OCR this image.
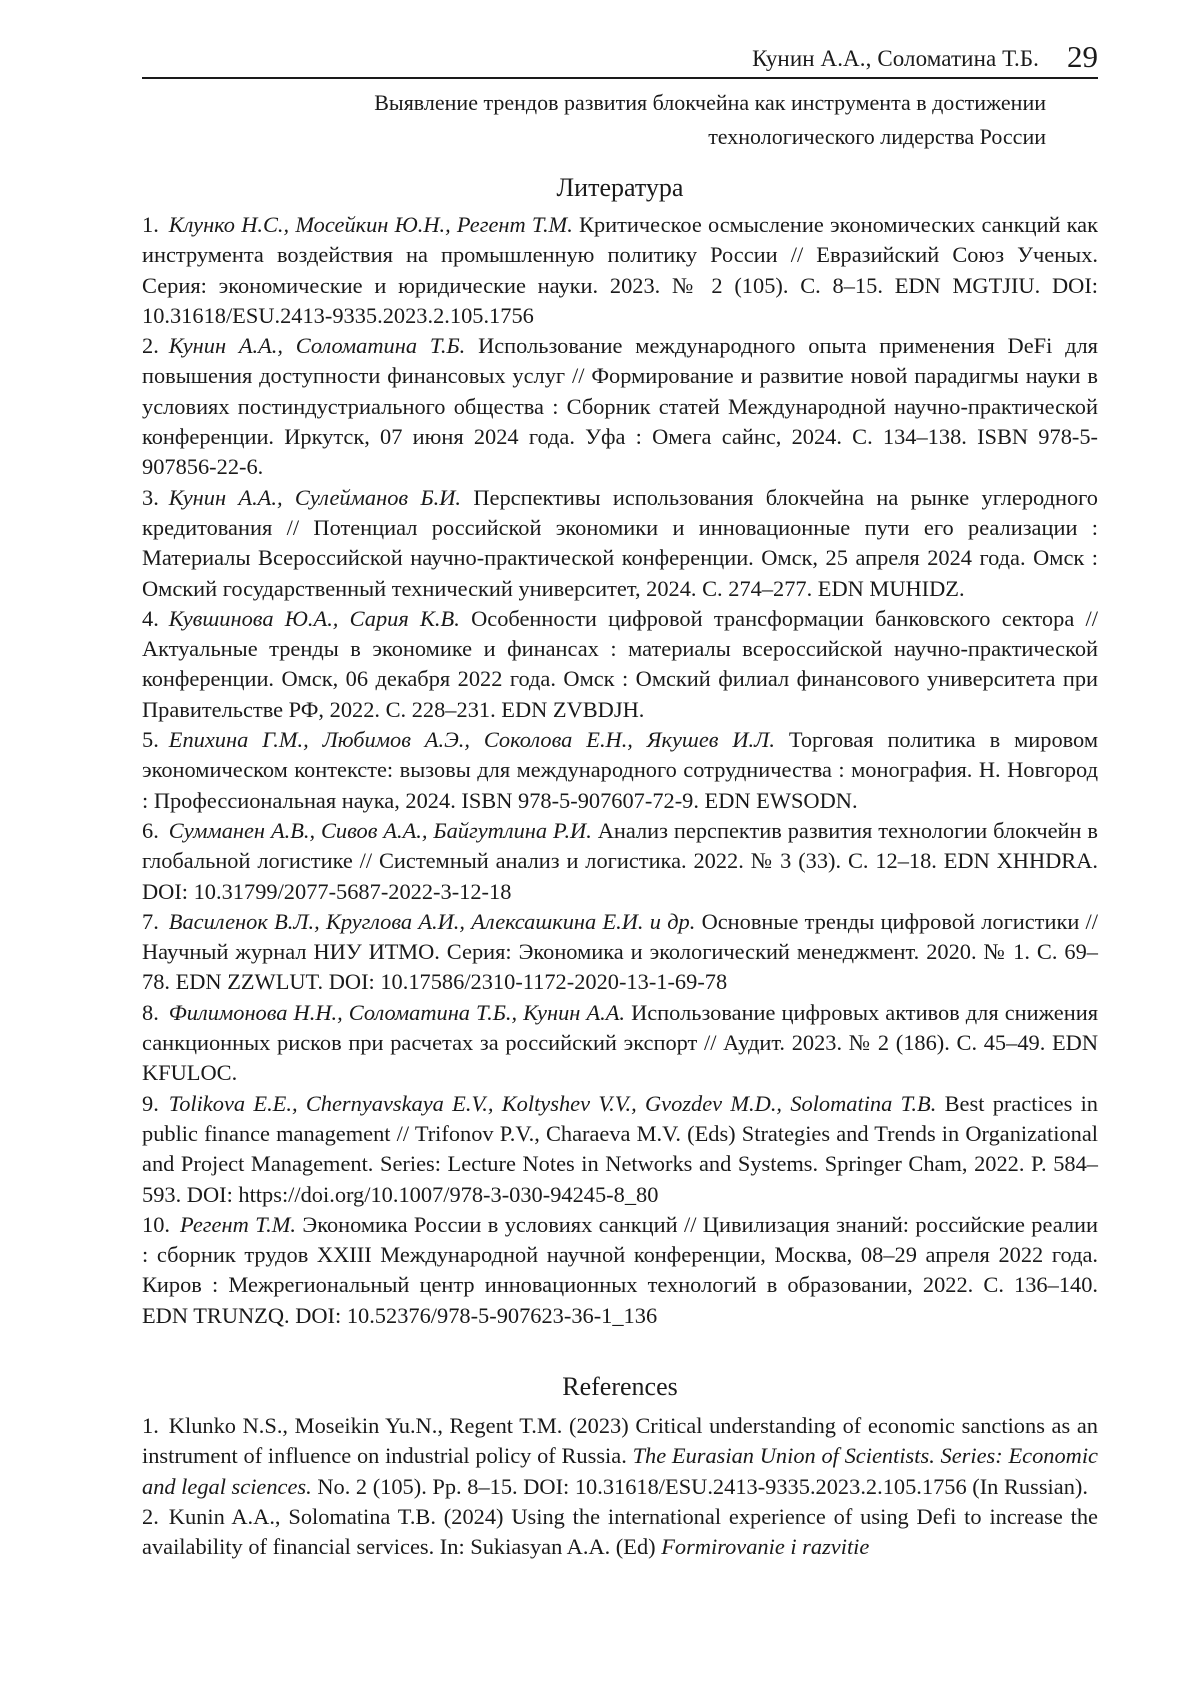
Кунин А.А., Соломатина Т.Б. 29
Выявление трендов развития блокчейна как инструмента в достижении технологического лидерства России
Литература

1. Клунко Н.С., Мосейкин Ю.Н., Регент Т.М. Критическое осмысление экономических санкций как инструмента воздействия на промышленную политику России // Евразийский Союз Ученых. Серия: экономические и юридические науки. 2023. № 2 (105). С. 8–15. EDN MGTJIU. DOI: 10.31618/ESU.2413-9335.2023.2.105.1756

2. Кунин А.А., Соломатина Т.Б. Использование международного опыта применения DeFi для повышения доступности финансовых услуг // Формирование и развитие новой парадигмы науки в условиях постиндустриального общества : Сборник статей Международной научно-практической конференции. Иркутск, 07 июня 2024 года. Уфа : Омега сайнс, 2024. С. 134–138. ISBN 978-5-907856-22-6.

3. Кунин А.А., Сулейманов Б.И. Перспективы использования блокчейна на рынке углеродного кредитования // Потенциал российской экономики и инновационные пути его реализации : Материалы Всероссийской научно-практической конференции. Омск, 25 апреля 2024 года. Омск : Омский государственный технический университет, 2024. С. 274–277. EDN MUHIDZ.

4. Кувшинова Ю.А., Сария К.В. Особенности цифровой трансформации банковского сектора // Актуальные тренды в экономике и финансах : материалы всероссийской научно-практической конференции. Омск, 06 декабря 2022 года. Омск : Омский филиал финансового университета при Правительстве РФ, 2022. С. 228–231. EDN ZVBDJH.

5. Епихина Г.М., Любимов А.Э., Соколова Е.Н., Якушев И.Л. Торговая политика в мировом экономическом контексте: вызовы для международного сотрудничества : монография. Н. Новгород : Профессиональная наука, 2024. ISBN 978-5-907607-72-9. EDN EWSODN.

6. Сумманен А.В., Сивов А.А., Байгутлина Р.И. Анализ перспектив развития технологии блокчейн в глобальной логистике // Системный анализ и логистика. 2022. № 3 (33). С. 12–18. EDN XHHDRA. DOI: 10.31799/2077-5687-2022-3-12-18

7. Василенок В.Л., Круглова А.И., Алексашкина Е.И. и др. Основные тренды цифровой логистики // Научный журнал НИУ ИТМО. Серия: Экономика и экологический менеджмент. 2020. № 1. С. 69–78. EDN ZZWLUT. DOI: 10.17586/2310-1172-2020-13-1-69-78

8. Филимонова Н.Н., Соломатина Т.Б., Кунин А.А. Использование цифровых активов для снижения санкционных рисков при расчетах за российский экспорт // Аудит. 2023. № 2 (186). С. 45–49. EDN KFULOC.

9. Tolikova E.E., Chernyavskaya E.V., Koltyshev V.V., Gvozdev M.D., Solomatina T.B. Best practices in public finance management // Trifonov P.V., Charaeva M.V. (Eds) Strategies and Trends in Organizational and Project Management. Series: Lecture Notes in Networks and Systems. Springer Cham, 2022. P. 584–593. DOI: https://doi.org/10.1007/978-3-030-94245-8_80

10. Регент Т.М. Экономика России в условиях санкций // Цивилизация знаний: российские реалии : сборник трудов XXIII Международной научной конференции, Москва, 08–29 апреля 2022 года. Киров : Межрегиональный центр инновационных технологий в образовании, 2022. С. 136–140. EDN TRUNZQ. DOI: 10.52376/978-5-907623-36-1_136

References

1. Klunko N.S., Moseikin Yu.N., Regent T.M. (2023) Critical understanding of economic sanctions as an instrument of influence on industrial policy of Russia. The Eurasian Union of Scientists. Series: Economic and legal sciences. No. 2 (105). Pp. 8–15. DOI: 10.31618/ESU.2413-9335.2023.2.105.1756 (In Russian).

2. Kunin A.A., Solomatina T.B. (2024) Using the international experience of using Defi to increase the availability of financial services. In: Sukiasyan A.A. (Ed) Formirovanie i razvitie
